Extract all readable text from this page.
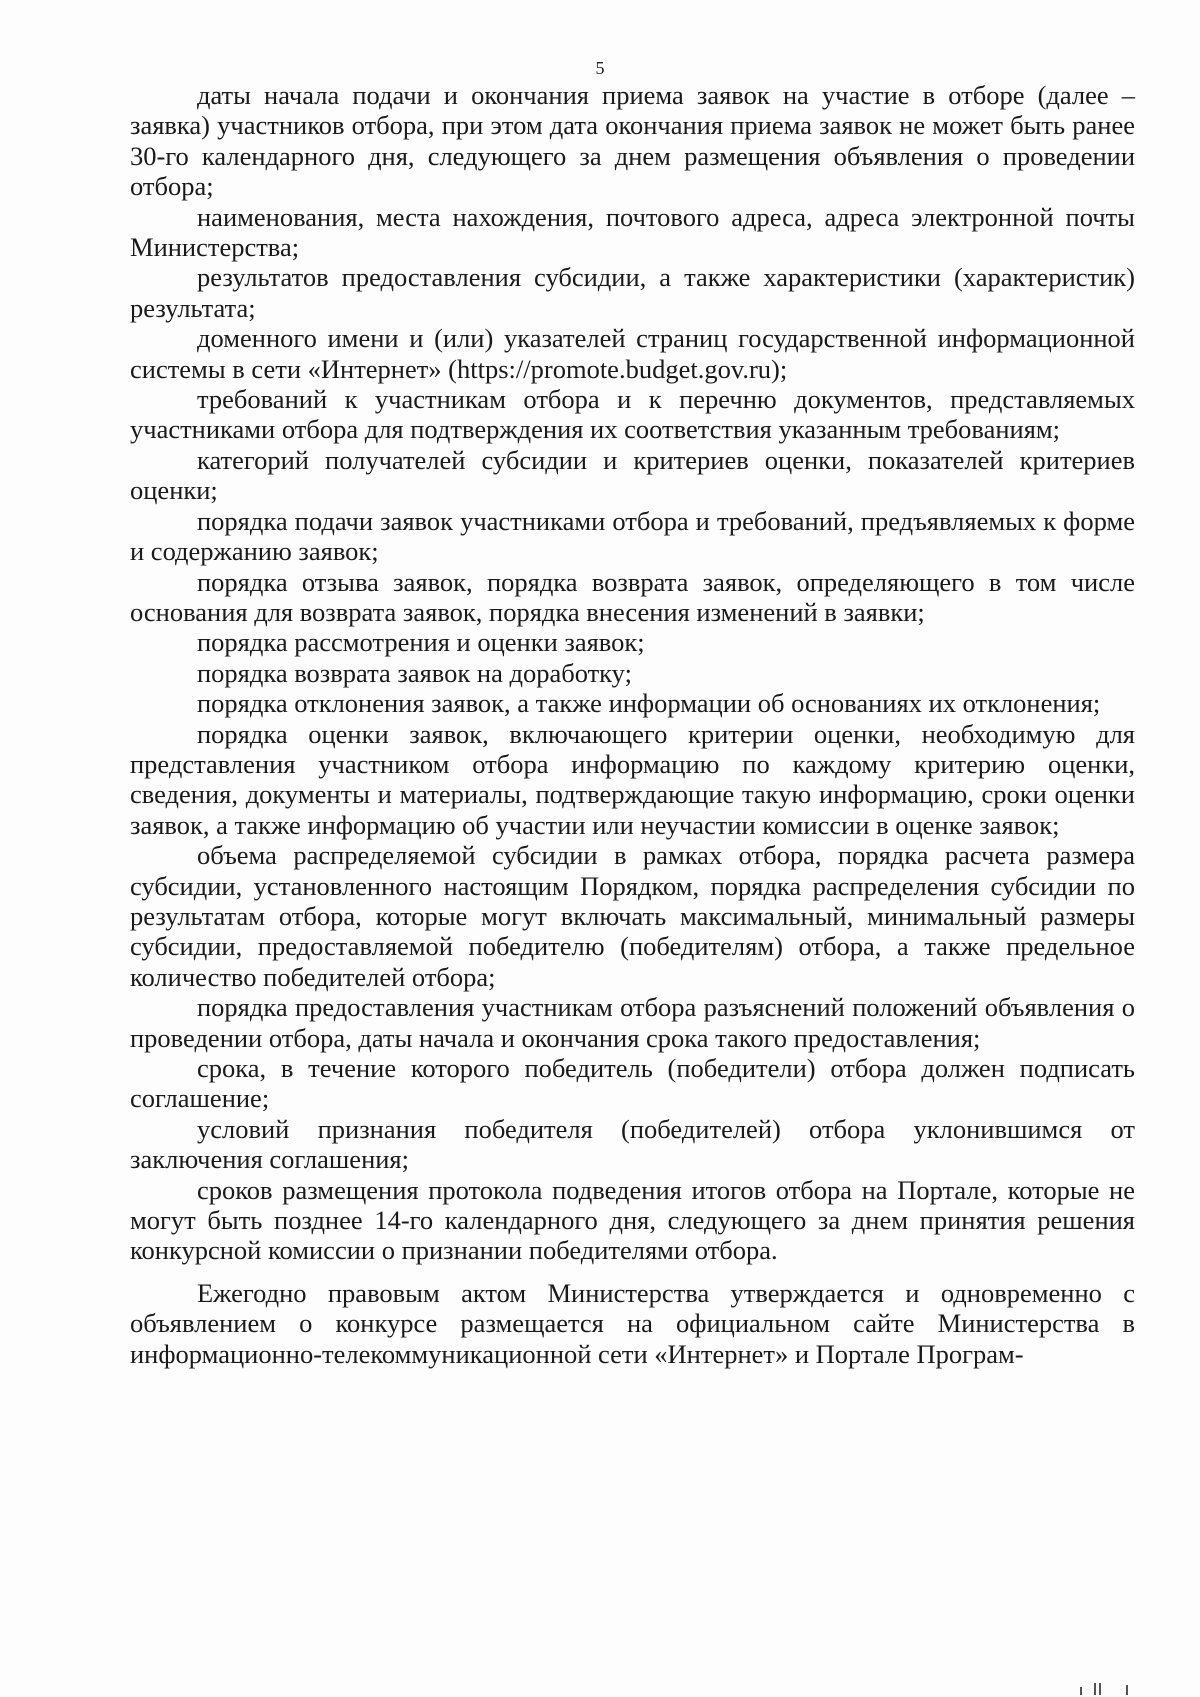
5

даты начала подачи и окончания приема заявок на участие в отборе (далее – заявка) участников отбора, при этом дата окончания приема заявок не может быть ранее 30-го календарного дня, следующего за днем размещения объявления о проведении отбора;

наименования, места нахождения, почтового адреса, адреса электронной почты Министерства;

результатов предоставления субсидии, а также характеристики (характеристик) результата;

доменного имени и (или) указателей страниц государственной информационной системы в сети «Интернет» (https://promote.budget.gov.ru);

требований к участникам отбора и к перечню документов, представляемых участниками отбора для подтверждения их соответствия указанным требованиям;

категорий получателей субсидии и критериев оценки, показателей критериев оценки;

порядка подачи заявок участниками отбора и требований, предъявляемых к форме и содержанию заявок;

порядка отзыва заявок, порядка возврата заявок, определяющего в том числе основания для возврата заявок, порядка внесения изменений в заявки;

порядка рассмотрения и оценки заявок;

порядка возврата заявок на доработку;

порядка отклонения заявок, а также информации об основаниях их отклонения;

порядка оценки заявок, включающего критерии оценки, необходимую для представления участником отбора информацию по каждому критерию оценки, сведения, документы и материалы, подтверждающие такую информацию, сроки оценки заявок, а также информацию об участии или неучастии комиссии в оценке заявок;

объема распределяемой субсидии в рамках отбора, порядка расчета размера субсидии, установленного настоящим Порядком, порядка распределения субсидии по результатам отбора, которые могут включать максимальный, минимальный размеры субсидии, предоставляемой победителю (победителям) отбора, а также предельное количество победителей отбора;

порядка предоставления участникам отбора разъяснений положений объявления о проведении отбора, даты начала и окончания срока такого предоставления;

срока, в течение которого победитель (победители) отбора должен подписать соглашение;

условий признания победителя (победителей) отбора уклонившимся от заключения соглашения;

сроков размещения протокола подведения итогов отбора на Портале, которые не могут быть позднее 14-го календарного дня, следующего за днем принятия решения конкурсной комиссии о признании победителями отбора.

Ежегодно правовым актом Министерства утверждается и одновременно с объявлением о конкурсе размещается на официальном сайте Министерства в информационно-телекоммуникационной сети «Интернет» и Портале Програм-
